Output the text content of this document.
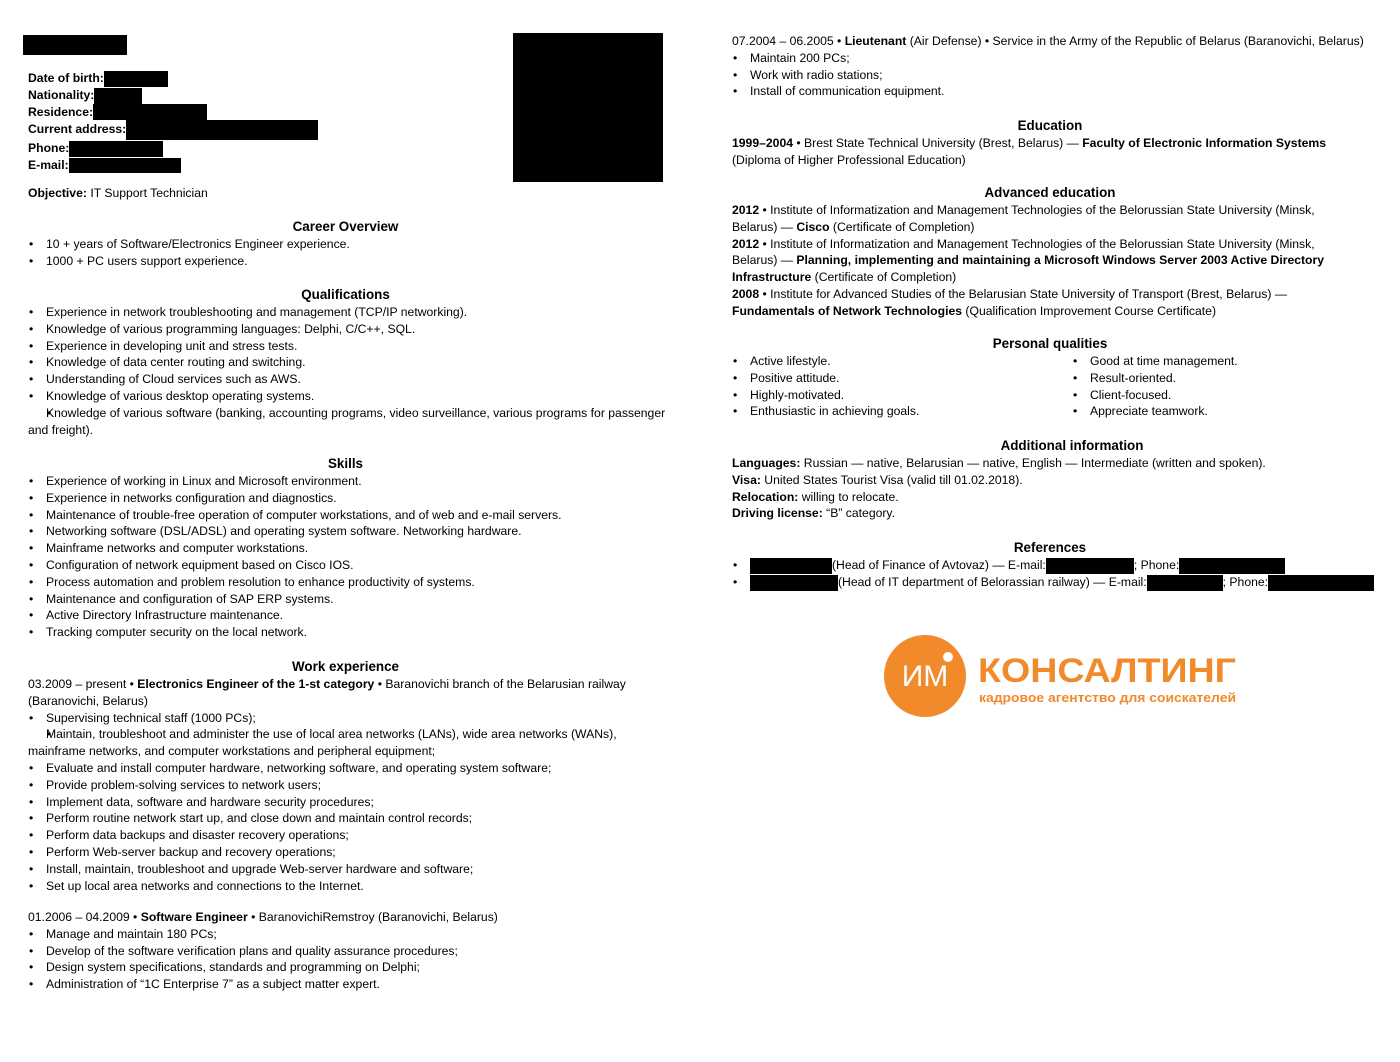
Date of birth:
Nationality:
Residence:
Current address:
Phone:
E-mail:
Objective: IT Support Technician
Career Overview
• 10 + years of Software/Electronics Engineer experience.
• 1000 + PC users support experience.
Qualifications
• Experience in network troubleshooting and management (TCP/IP networking).
• Knowledge of various programming languages: Delphi, C/C++, SQL.
• Experience in developing unit and stress tests.
• Knowledge of data center routing and switching.
• Understanding of Cloud services such as AWS.
• Knowledge of various desktop operating systems.
• Knowledge of various software (banking, accounting programs, video surveillance, various programs for passenger and freight).
Skills
• Experience of working in Linux and Microsoft environment.
• Experience in networks configuration and diagnostics.
• Maintenance of trouble-free operation of computer workstations, and of web and e-mail servers.
• Networking software (DSL/ADSL) and operating system software. Networking hardware.
• Mainframe networks and computer workstations.
• Configuration of network equipment based on Cisco IOS.
• Process automation and problem resolution to enhance productivity of systems.
• Maintenance and configuration of SAP ERP systems.
• Active Directory Infrastructure maintenance.
• Tracking computer security on the local network.
Work experience
03.2009 – present • Electronics Engineer of the 1-st category • Baranovichi branch of the Belarusian railway (Baranovichi, Belarus)
• Supervising technical staff (1000 PCs);
• Maintain, troubleshoot and administer the use of local area networks (LANs), wide area networks (WANs), mainframe networks, and computer workstations and peripheral equipment;
• Evaluate and install computer hardware, networking software, and operating system software;
• Provide problem-solving services to network users;
• Implement data, software and hardware security procedures;
• Perform routine network start up, and close down and maintain control records;
• Perform data backups and disaster recovery operations;
• Perform Web-server backup and recovery operations;
• Install, maintain, troubleshoot and upgrade Web-server hardware and software;
• Set up local area networks and connections to the Internet.
01.2006 – 04.2009 • Software Engineer • BaranovichiRemstroy (Baranovichi, Belarus)
• Manage and maintain 180 PCs;
• Develop of the software verification plans and quality assurance procedures;
• Design system specifications, standards and programming on Delphi;
• Administration of “1C Enterprise 7” as a subject matter expert.
07.2004 – 06.2005 • Lieutenant (Air Defense) • Service in the Army of the Republic of Belarus (Baranovichi, Belarus)
• Maintain 200 PCs;
• Work with radio stations;
• Install of communication equipment.
Education
1999–2004 • Brest State Technical University (Brest, Belarus) — Faculty of Electronic Information Systems (Diploma of Higher Professional Education)
Advanced education
2012 • Institute of Informatization and Management Technologies of the Belorussian State University (Minsk, Belarus) — Cisco (Certificate of Completion)
2012 • Institute of Informatization and Management Technologies of the Belorussian State University (Minsk, Belarus) — Planning, implementing and maintaining a Microsoft Windows Server 2003 Active Directory Infrastructure (Certificate of Completion)
2008 • Institute for Advanced Studies of the Belarusian State University of Transport (Brest, Belarus) — Fundamentals of Network Technologies (Qualification Improvement Course Certificate)
Personal qualities
• Active lifestyle.
• Positive attitude.
• Highly-motivated.
• Enthusiastic in achieving goals.
• Good at time management.
• Result-oriented.
• Client-focused.
• Appreciate teamwork.
Additional information
Languages: Russian — native, Belarusian — native, English — Intermediate (written and spoken).
Visa: United States Tourist Visa (valid till 01.02.2018).
Relocation: willing to relocate.
Driving license: “B” category.
References
• (Head of Finance of Avtovaz) — E-mail:	; Phone:
• (Head of IT department of Belorassian railway) — E-mail:	; Phone:
ИМ КОНСАЛТИНГ
кадровое агентство для соискателей
